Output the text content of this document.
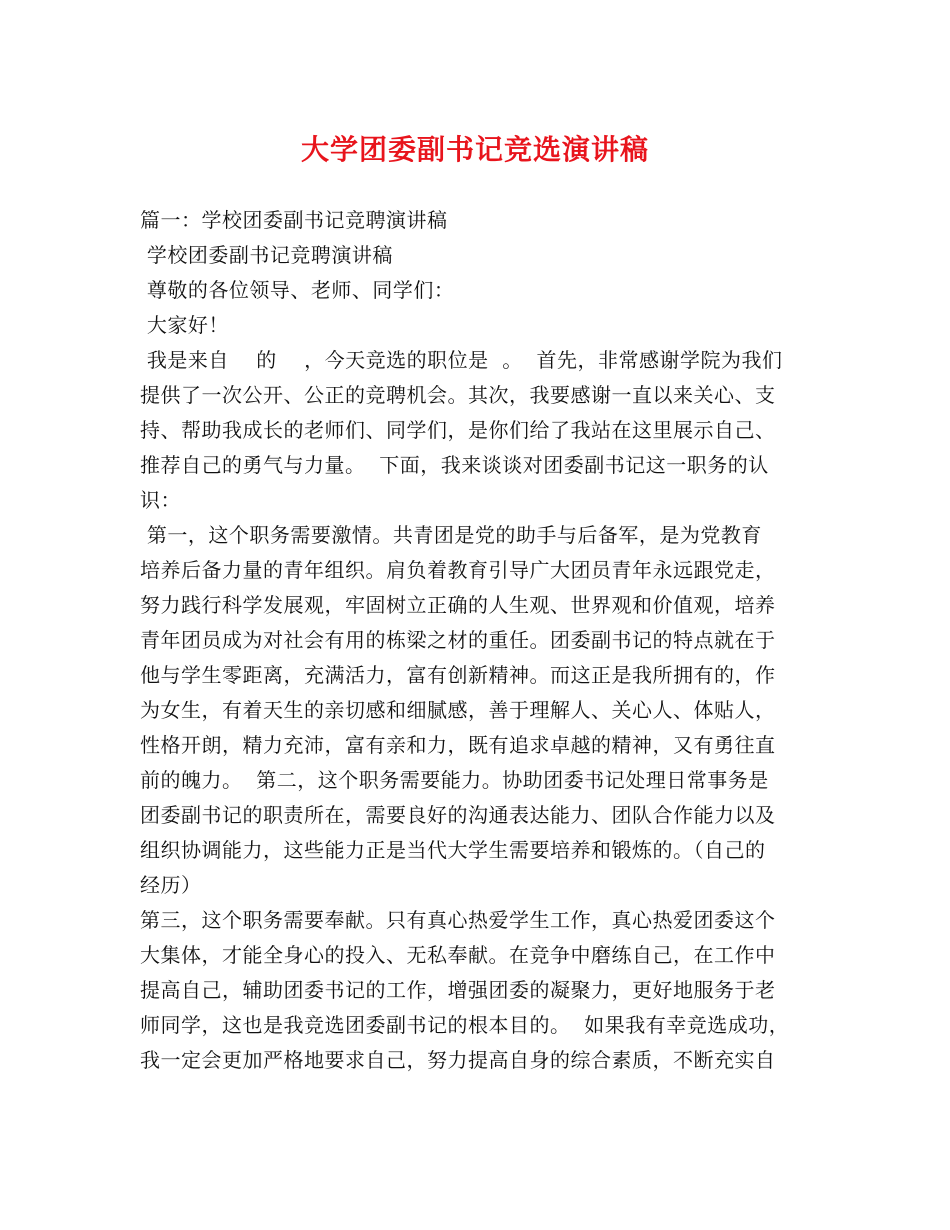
大学团委副书记竞选演讲稿
篇一：学校团委副书记竞聘演讲稿
学校团委副书记竞聘演讲稿
尊敬的各位领导、老师、同学们：
大家好！
我是来自　 的　 ，今天竞选的职位是  。  首先，非常感谢学院为我们
提供了一次公开、公正的竞聘机会。其次，我要感谢一直以来关心、支
持、帮助我成长的老师们、同学们，是你们给了我站在这里展示自己、
推荐自己的勇气与力量。  下面，我来谈谈对团委副书记这一职务的认
识：
第一，这个职务需要激情。共青团是党的助手与后备军，是为党教育
培养后备力量的青年组织。肩负着教育引导广大团员青年永远跟党走，
努力践行科学发展观，牢固树立正确的人生观、世界观和价值观，培养
青年团员成为对社会有用的栋梁之材的重任。团委副书记的特点就在于
他与学生零距离，充满活力，富有创新精神。而这正是我所拥有的，作
为女生，有着天生的亲切感和细腻感，善于理解人、关心人、体贴人，
性格开朗，精力充沛，富有亲和力，既有追求卓越的精神，又有勇往直
前的魄力。  第二，这个职务需要能力。协助团委书记处理日常事务是
团委副书记的职责所在，需要良好的沟通表达能力、团队合作能力以及
组织协调能力，这些能力正是当代大学生需要培养和锻炼的。（自己的
经历）
第三，这个职务需要奉献。只有真心热爱学生工作，真心热爱团委这个
大集体，才能全身心的投入、无私奉献。在竞争中磨练自己，在工作中
提高自己，辅助团委书记的工作，增强团委的凝聚力，更好地服务于老
师同学，这也是我竞选团委副书记的根本目的。  如果我有幸竞选成功，
我一定会更加严格地要求自己，努力提高自身的综合素质，不断充实自
